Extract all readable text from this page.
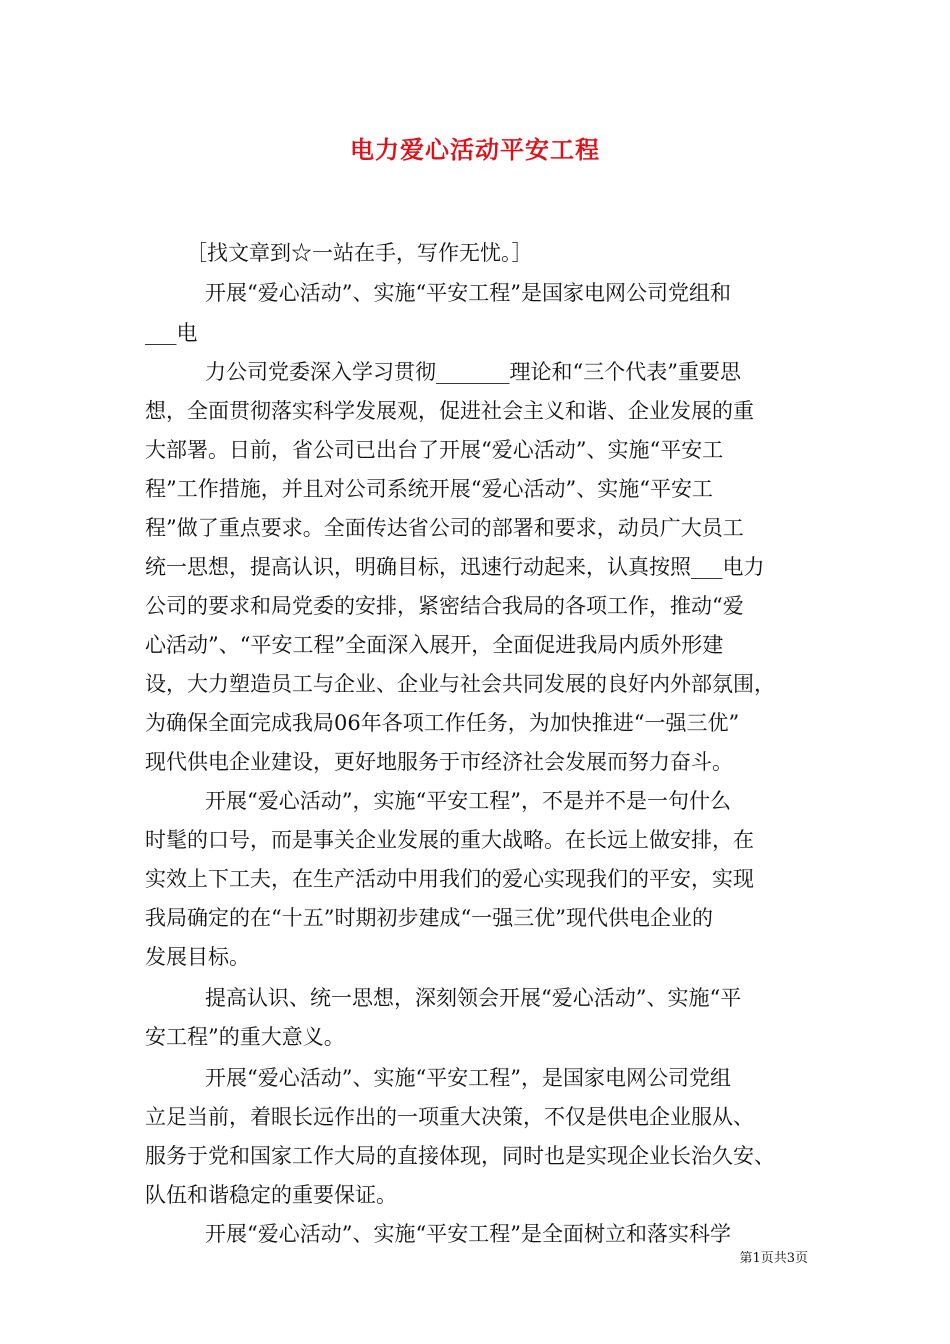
电力爱心活动平安工程
［找文章到☆一站在手，写作无忧。］
开展“爱心活动”、实施“平安工程”是国家电网公司党组和
___电
力公司党委深入学习贯彻_______理论和“三个代表”重要思
想，全面贯彻落实科学发展观，促进社会主义和谐、企业发展的重
大部署。日前，省公司已出台了开展“爱心活动”、实施“平安工
程”工作措施，并且对公司系统开展“爱心活动”、实施“平安工
程”做了重点要求。全面传达省公司的部署和要求，动员广大员工
统一思想，提高认识，明确目标，迅速行动起来，认真按照___电力
公司的要求和局党委的安排，紧密结合我局的各项工作，推动“爱
心活动”、“平安工程”全面深入展开，全面促进我局内质外形建
设，大力塑造员工与企业、企业与社会共同发展的良好内外部氛围，
为确保全面完成我局06年各项工作任务，为加快推进“一强三优”
现代供电企业建设，更好地服务于市经济社会发展而努力奋斗。
开展“爱心活动”，实施“平安工程”，不是并不是一句什么
时髦的口号，而是事关企业发展的重大战略。在长远上做安排，在
实效上下工夫，在生产活动中用我们的爱心实现我们的平安，实现
我局确定的在“十五”时期初步建成“一强三优”现代供电企业的
发展目标。
提高认识、统一思想，深刻领会开展“爱心活动”、实施“平
安工程”的重大意义。
开展“爱心活动”、实施“平安工程”，是国家电网公司党组
立足当前，着眼长远作出的一项重大决策，不仅是供电企业服从、
服务于党和国家工作大局的直接体现，同时也是实现企业长治久安、
队伍和谐稳定的重要保证。
开展“爱心活动”、实施“平安工程”是全面树立和落实科学
第1页共3页
